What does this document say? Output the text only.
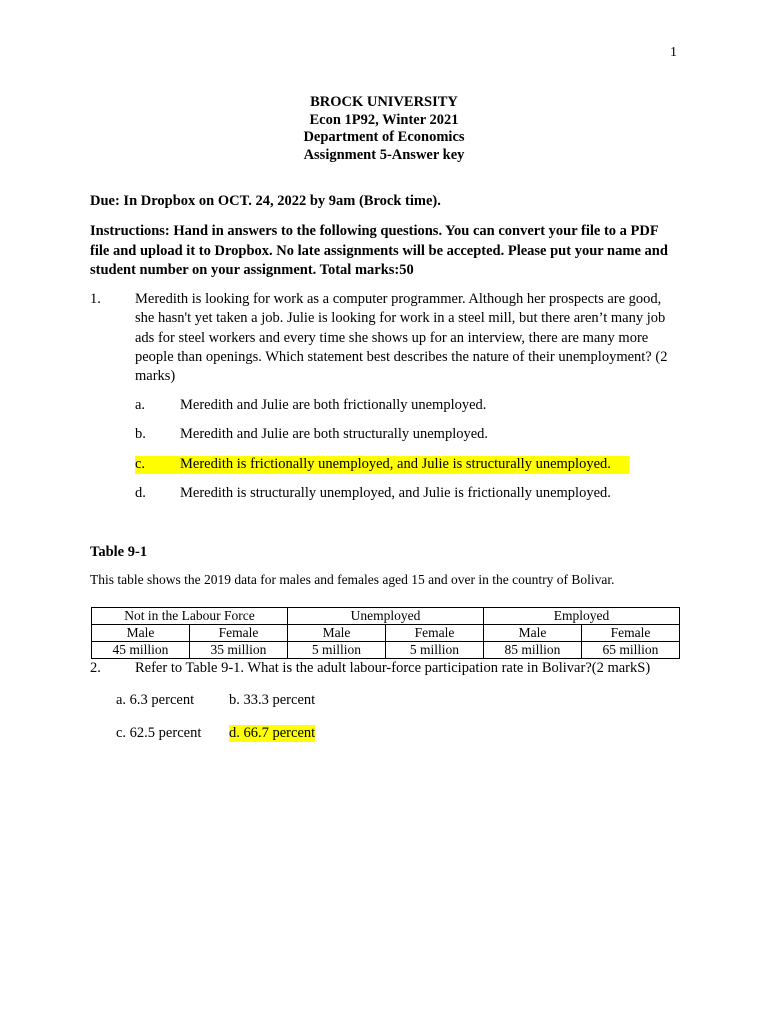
1
BROCK UNIVERSITY
Econ 1P92, Winter 2021
Department of Economics
Assignment 5-Answer key
Due: In Dropbox on OCT. 24, 2022 by 9am (Brock time).
Instructions: Hand in answers to the following questions. You can convert your file to a PDF file and upload it to Dropbox. No late assignments will be accepted. Please put your name and student number on your assignment. Total marks:50
1. Meredith is looking for work as a computer programmer. Although her prospects are good, she hasn't yet taken a job. Julie is looking for work in a steel mill, but there aren’t many job ads for steel workers and every time she shows up for an interview, there are many more people than openings. Which statement best describes the nature of their unemployment? (2 marks)
a. Meredith and Julie are both frictionally unemployed.
b. Meredith and Julie are both structurally unemployed.
c. Meredith is frictionally unemployed, and Julie is structurally unemployed.
d. Meredith is structurally unemployed, and Julie is frictionally unemployed.
Table 9-1
This table shows the 2019 data for males and females aged 15 and over in the country of Bolivar.
Not in the Labour Force		Unemployed		Employed	
Male	Female	Male	Female	Male	Female
45 million	35 million	5 million	5 million	85 million	65 million
2. Refer to Table 9-1. What is the adult labour-force participation rate in Bolivar?(2 markS)
a. 6.3 percent b. 33.3 percent
c. 62.5 percent d. 66.7 percent
